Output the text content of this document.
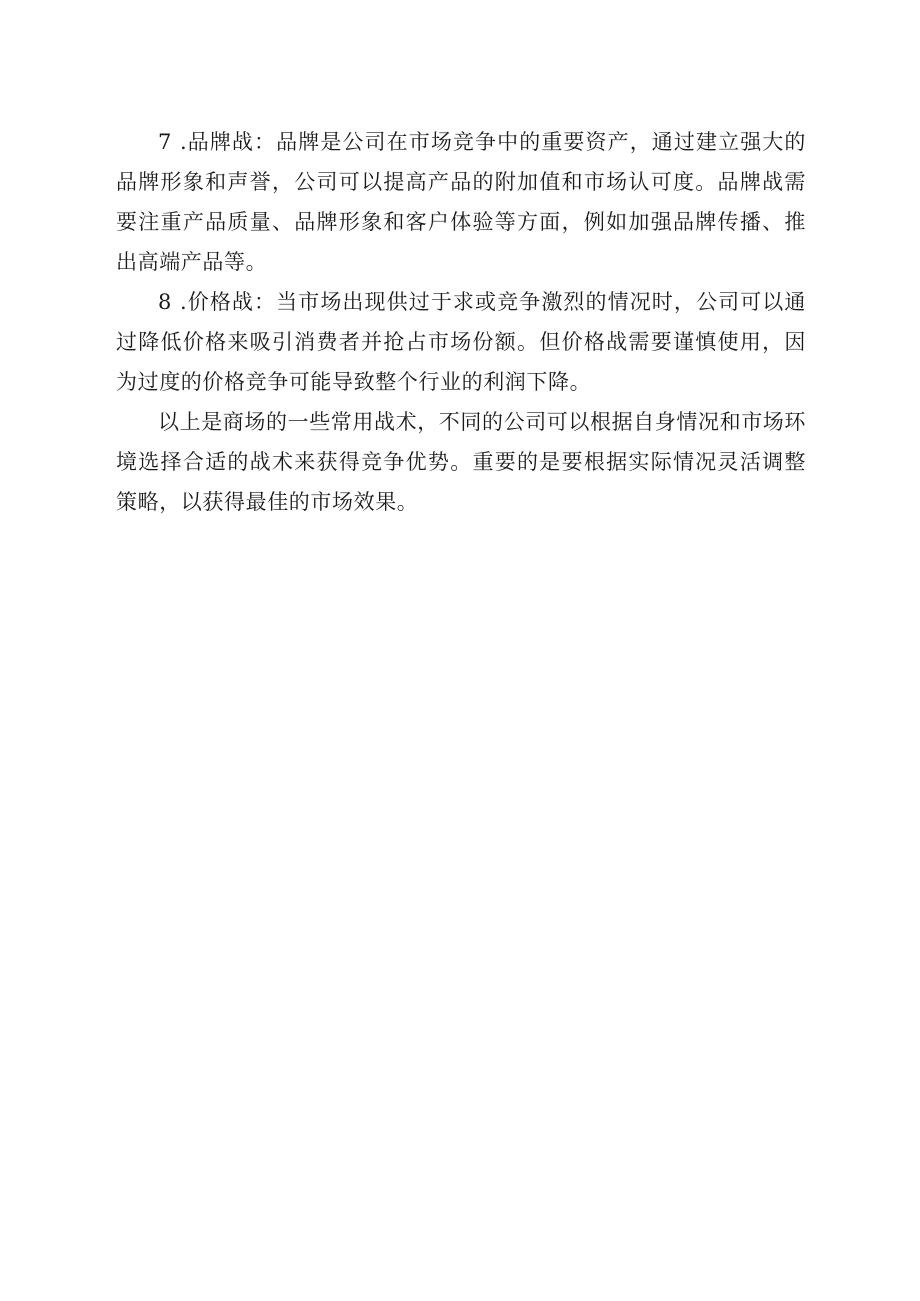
7 .品牌战：品牌是公司在市场竞争中的重要资产，通过建立强大的品牌形象和声誉，公司可以提高产品的附加值和市场认可度。品牌战需要注重产品质量、品牌形象和客户体验等方面，例如加强品牌传播、推出高端产品等。

8 .价格战：当市场出现供过于求或竞争激烈的情况时，公司可以通过降低价格来吸引消费者并抢占市场份额。但价格战需要谨慎使用，因为过度的价格竞争可能导致整个行业的利润下降。

以上是商场的一些常用战术，不同的公司可以根据自身情况和市场环境选择合适的战术来获得竞争优势。重要的是要根据实际情况灵活调整策略，以获得最佳的市场效果。
